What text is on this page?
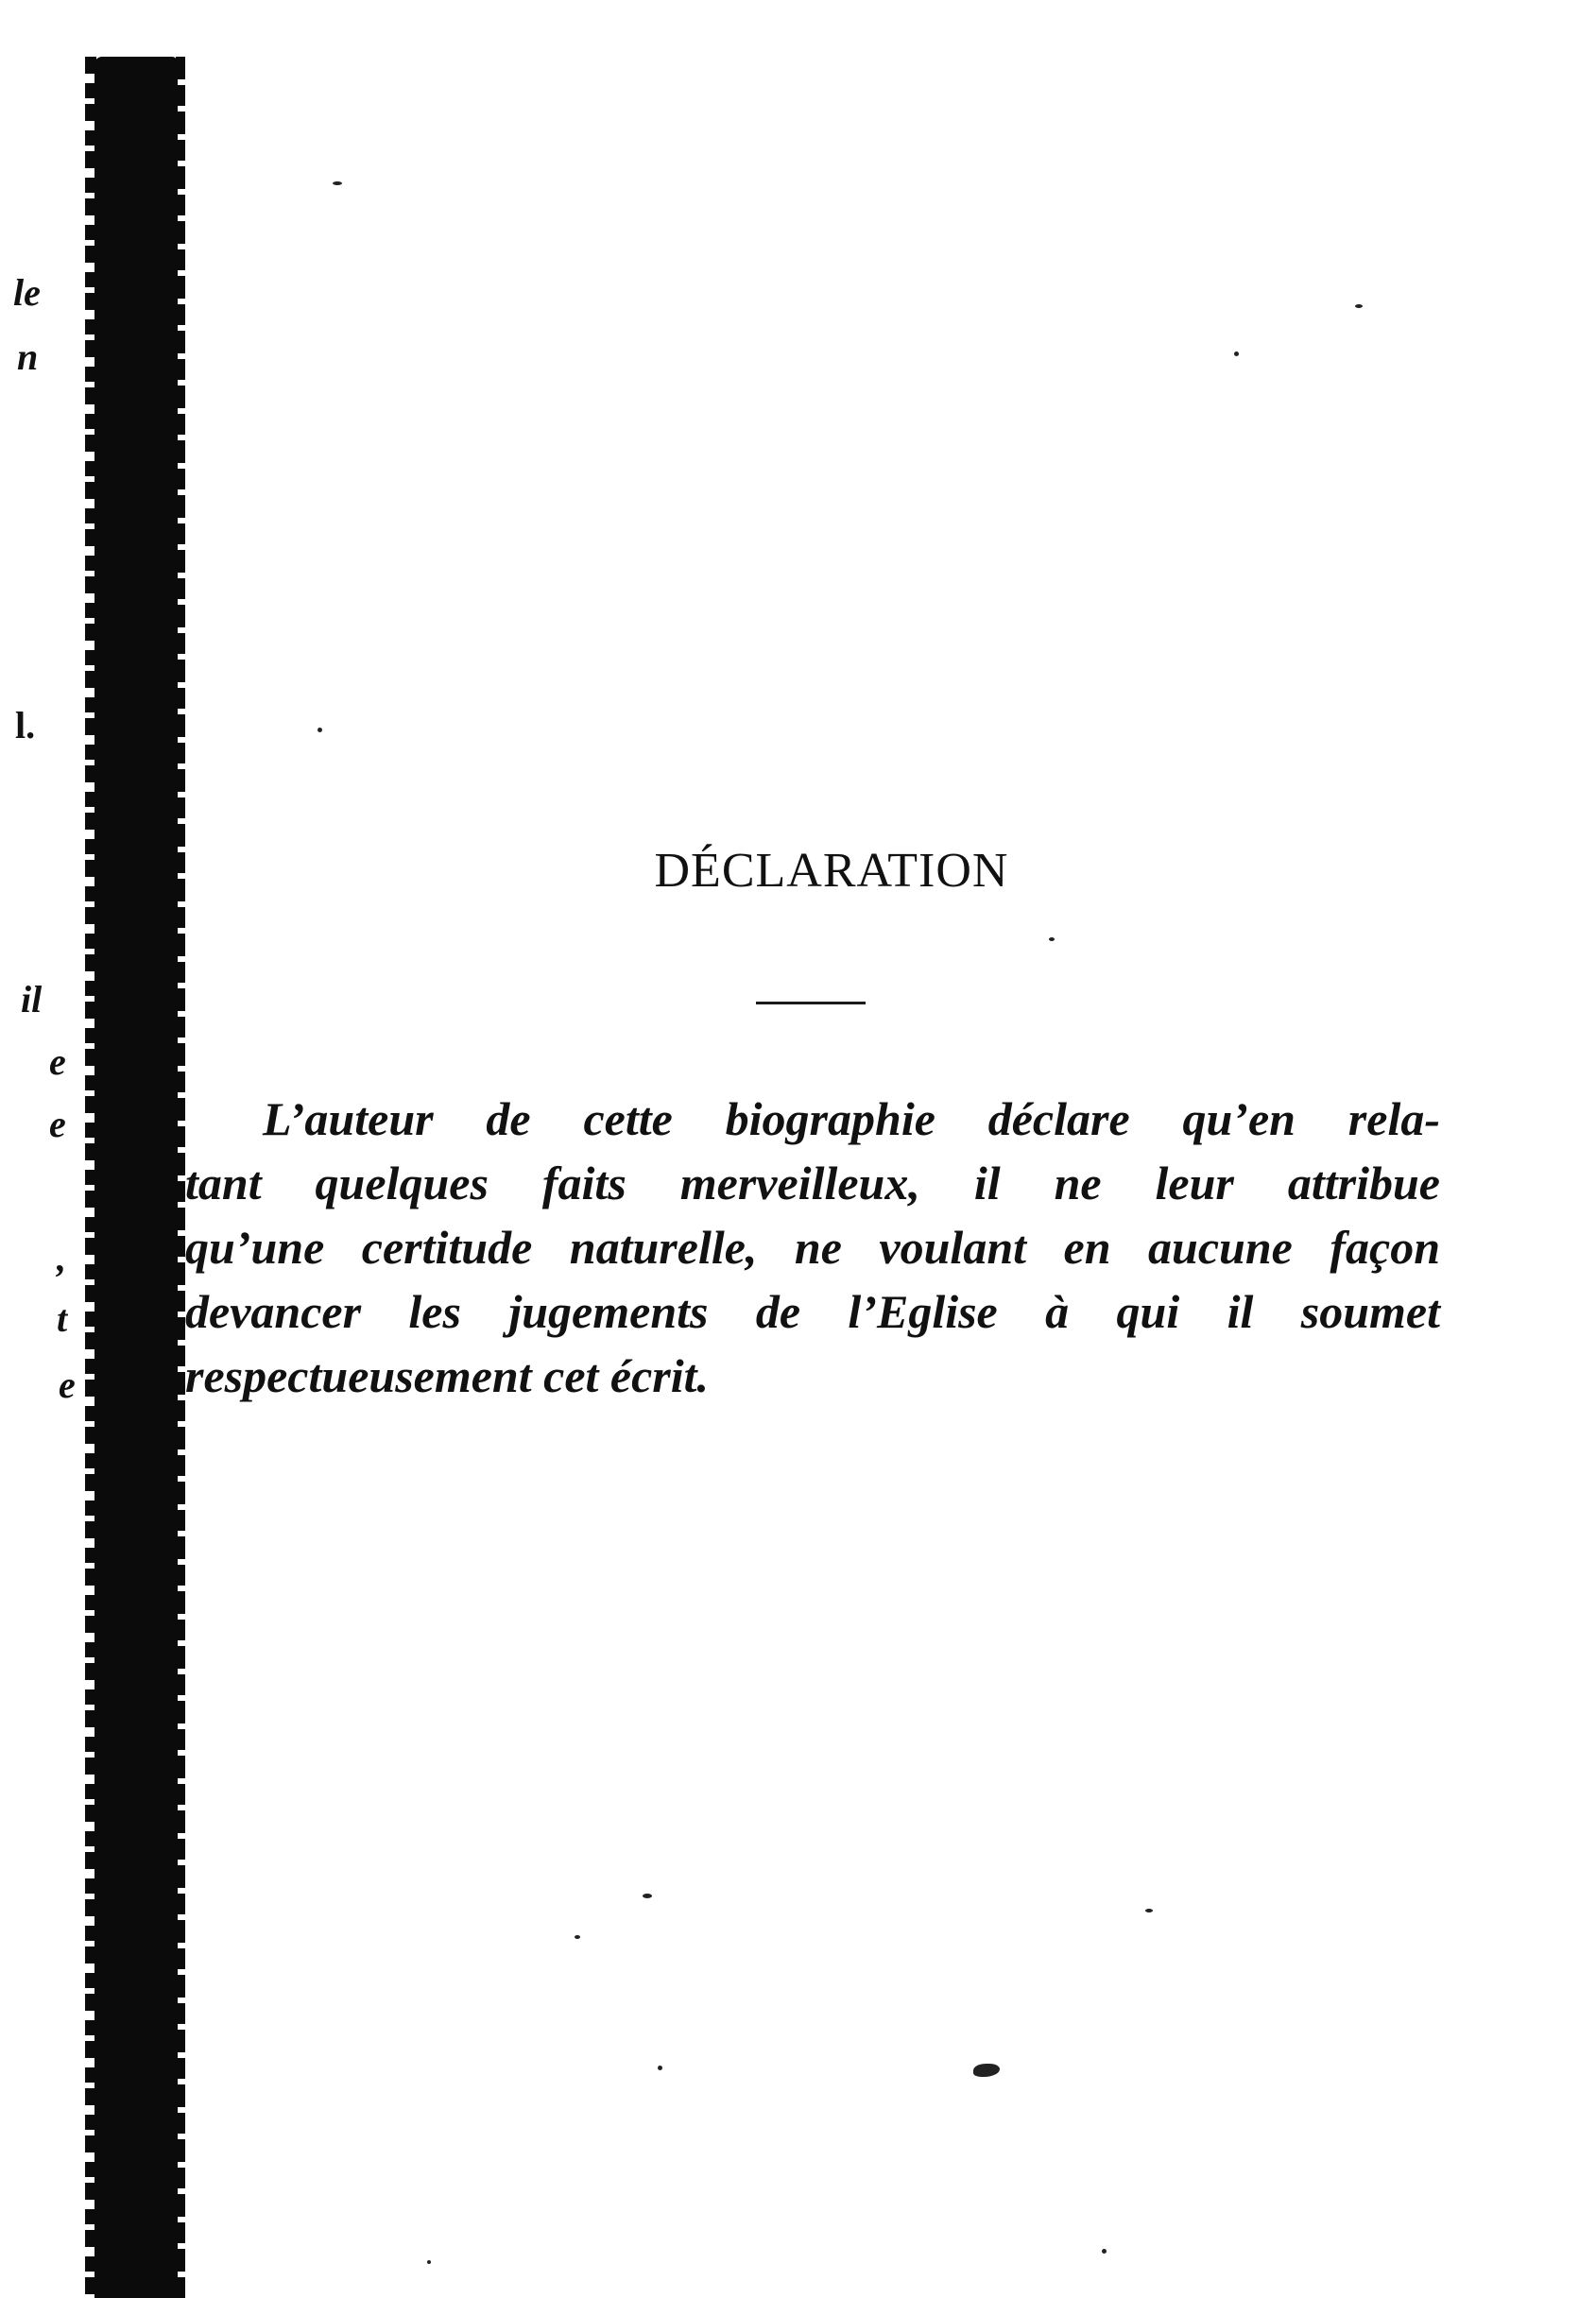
le
n
l.
il
e
e
,
t
e
DÉCLARATION
L’auteur de cette biographie déclare qu’en rela-
tant quelques faits merveilleux, il ne leur attribue
qu’une certitude naturelle, ne voulant en aucune façon
devancer les jugements de l’Eglise à qui il soumet
respectueusement cet écrit.
